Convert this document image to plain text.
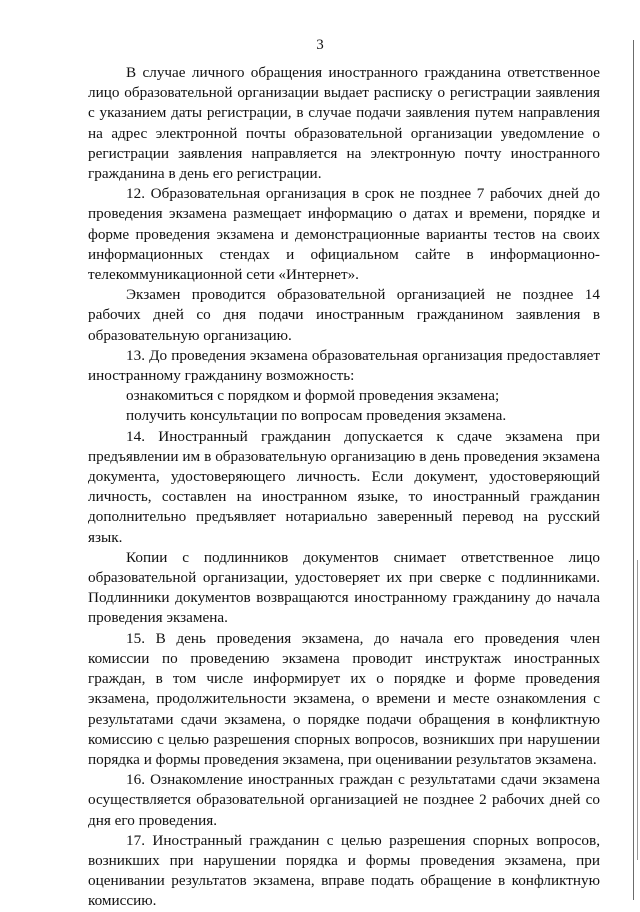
3

В случае личного обращения иностранного гражданина ответственное лицо образовательной организации выдает расписку о регистрации заявления с указанием даты регистрации, в случае подачи заявления путем направления на адрес электронной почты образовательной организации уведомление о регистрации заявления направляется на электронную почту иностранного гражданина в день его регистрации.

12. Образовательная организация в срок не позднее 7 рабочих дней до проведения экзамена размещает информацию о датах и времени, порядке и форме проведения экзамена и демонстрационные варианты тестов на своих информационных стендах и официальном сайте в информационно-телекоммуникационной сети «Интернет».

Экзамен проводится образовательной организацией не позднее 14 рабочих дней со дня подачи иностранным гражданином заявления в образовательную организацию.

13. До проведения экзамена образовательная организация предоставляет иностранному гражданину возможность:

ознакомиться с порядком и формой проведения экзамена;

получить консультации по вопросам проведения экзамена.

14. Иностранный гражданин допускается к сдаче экзамена при предъявлении им в образовательную организацию в день проведения экзамена документа, удостоверяющего личность. Если документ, удостоверяющий личность, составлен на иностранном языке, то иностранный гражданин дополнительно предъявляет нотариально заверенный перевод на русский язык.

Копии с подлинников документов снимает ответственное лицо образовательной организации, удостоверяет их при сверке с подлинниками. Подлинники документов возвращаются иностранному гражданину до начала проведения экзамена.

15. В день проведения экзамена, до начала его проведения член комиссии по проведению экзамена проводит инструктаж иностранных граждан, в том числе информирует их о порядке и форме проведения экзамена, продолжительности экзамена, о времени и месте ознакомления с результатами сдачи экзамена, о порядке подачи обращения в конфликтную комиссию с целью разрешения спорных вопросов, возникших при нарушении порядка и формы проведения экзамена, при оценивании результатов экзамена.

16. Ознакомление иностранных граждан с результатами сдачи экзамена осуществляется образовательной организацией не позднее 2 рабочих дней со дня его проведения.

17. Иностранный гражданин с целью разрешения спорных вопросов, возникших при нарушении порядка и формы проведения экзамена, при оценивании результатов экзамена, вправе подать обращение в конфликтную комиссию.
